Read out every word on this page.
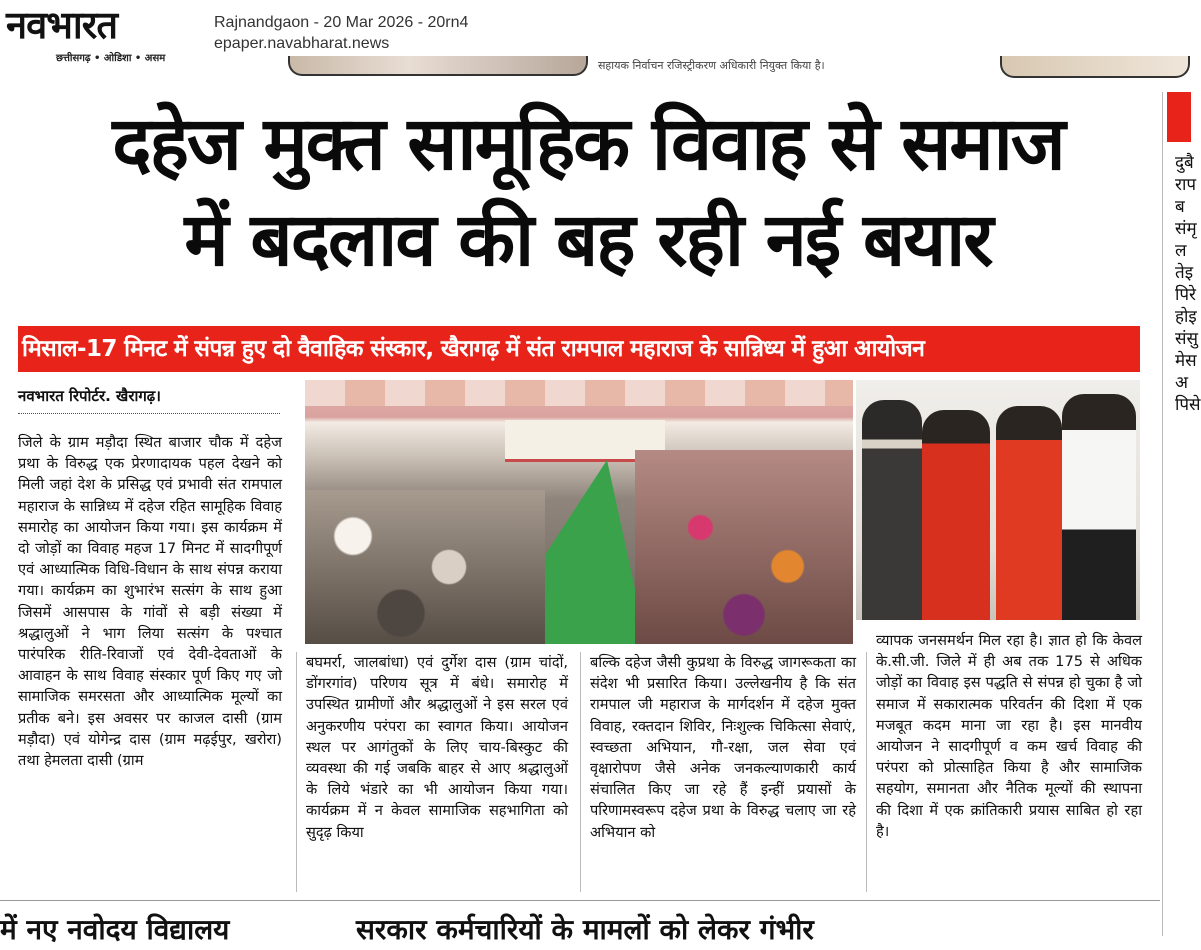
नवभारत
छत्तीसगढ़ • ओडिशा • असम
Rajnandgaon - 20 Mar 2026 - 20rn4
epaper.navabharat.news
सहायक निर्वाचन रजिस्ट्रीकरण अधिकारी नियुक्त किया है।
दुबैरापबसंमृलतेइपिरेहोइसंसुमेसअपिसे
दहेज मुक्त सामूहिक विवाह से समाज
में बदलाव की बह रही नई बयार
मिसाल-17 मिनट में संपन्न हुए दो वैवाहिक संस्कार, खैरागढ़ में संत रामपाल महाराज के सान्निध्य में हुआ आयोजन
नवभारत रिपोर्टर. खैरागढ़।
जिले के ग्राम मड़ौदा स्थित बाजार चौक में दहेज प्रथा के विरुद्ध एक प्रेरणादायक पहल देखने को मिली जहां देश के प्रसिद्ध एवं प्रभावी संत रामपाल महाराज के सान्निध्य में दहेज रहित सामूहिक विवाह समारोह का आयोजन किया गया। इस कार्यक्रम में दो जोड़ों का विवाह महज 17 मिनट में सादगीपूर्ण एवं आध्यात्मिक विधि-विधान के साथ संपन्न कराया गया। कार्यक्रम का शुभारंभ सत्संग के साथ हुआ जिसमें आसपास के गांवों से बड़ी संख्या में श्रद्धालुओं ने भाग लिया सत्संग के पश्चात पारंपरिक रीति-रिवाजों एवं देवी-देवताओं के आवाहन के साथ विवाह संस्कार पूर्ण किए गए जो सामाजिक समरसता और आध्यात्मिक मूल्यों का प्रतीक बने। इस अवसर पर काजल दासी (ग्राम मड़ौदा) एवं योगेन्द्र दास (ग्राम मढ़ईपुर, खरोरा) तथा हेमलता दासी (ग्राम
बघमर्रा, जालबांधा) एवं दुर्गेश दास (ग्राम चांदों, डोंगरगांव) परिणय सूत्र में बंधे। समारोह में उपस्थित ग्रामीणों और श्रद्धालुओं ने इस सरल एवं अनुकरणीय परंपरा का स्वागत किया। आयोजन स्थल पर आगंतुकों के लिए चाय-बिस्कुट की व्यवस्था की गई जबकि बाहर से आए श्रद्धालुओं के लिये भंडारे का भी आयोजन किया गया। कार्यक्रम में न केवल सामाजिक सहभागिता को सुदृढ़ किया
बल्कि दहेज जैसी कुप्रथा के विरुद्ध जागरूकता का संदेश भी प्रसारित किया। उल्लेखनीय है कि संत रामपाल जी महाराज के मार्गदर्शन में दहेज मुक्त विवाह, रक्तदान शिविर, निःशुल्क चिकित्सा सेवाएं, स्वच्छता अभियान, गौ-रक्षा, जल सेवा एवं वृक्षारोपण जैसे अनेक जनकल्याणकारी कार्य संचालित किए जा रहे हैं इन्हीं प्रयासों के परिणामस्वरूप दहेज प्रथा के विरुद्ध चलाए जा रहे अभियान को
व्यापक जनसमर्थन मिल रहा है। ज्ञात हो कि केवल के.सी.जी. जिले में ही अब तक 175 से अधिक जोड़ों का विवाह इस पद्धति से संपन्न हो चुका है जो समाज में सकारात्मक परिवर्तन की दिशा में एक मजबूत कदम माना जा रहा है। इस मानवीय आयोजन ने सादगीपूर्ण व कम खर्च विवाह की परंपरा को प्रोत्साहित किया है और सामाजिक सहयोग, समानता और नैतिक मूल्यों की स्थापना की दिशा में एक क्रांतिकारी प्रयास साबित हो रहा है।
में नए नवोदय विद्यालय	सरकार कर्मचारियों के मामलों को लेकर गंभीर
